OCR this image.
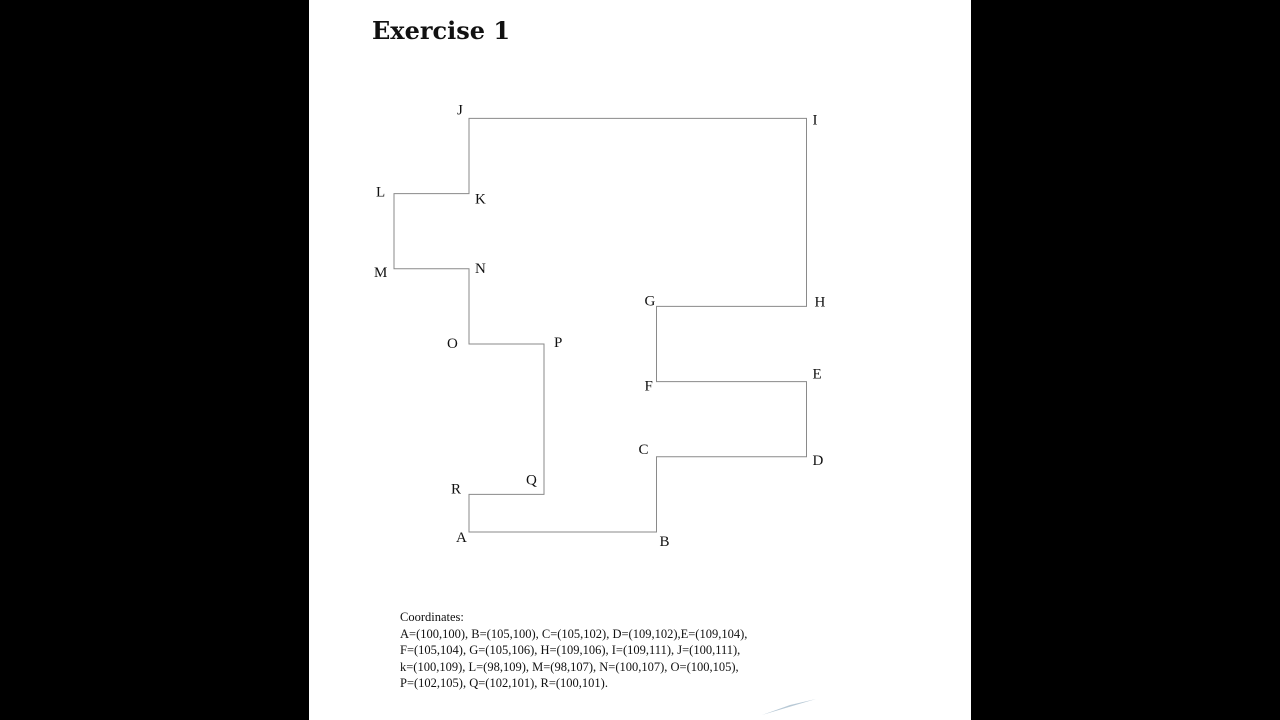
Exercise 1
A	B
C
D
E
F
G	H
I
J
K
L
M	N
O	P
Q
R
Coordinates:
A=(100,100), B=(105,100), C=(105,102), D=(109,102),E=(109,104),
F=(105,104), G=(105,106), H=(109,106), I=(109,111), J=(100,111),
k=(100,109), L=(98,109), M=(98,107), N=(100,107), O=(100,105),
P=(102,105), Q=(102,101), R=(100,101).
